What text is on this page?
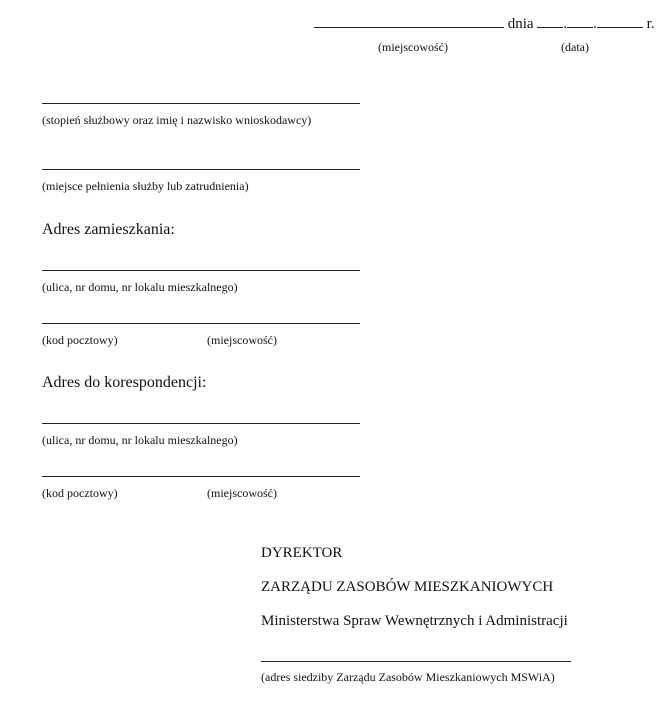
dnia . .	r.
(miejscowość)	(data)
(stopień służbowy oraz imię i nazwisko wnioskodawcy)
(miejsce pełnienia służby lub zatrudnienia)
Adres zamieszkania:
(ulica, nr domu, nr lokalu mieszkalnego)
(kod pocztowy)	(miejscowość)
Adres do korespondencji:
(ulica, nr domu, nr lokalu mieszkalnego)
(kod pocztowy)	(miejscowość)
DYREKTOR
ZARZĄDU ZASOBÓW MIESZKANIOWYCH
Ministerstwa Spraw Wewnętrznych i Administracji
(adres siedziby Zarządu Zasobów Mieszkaniowych MSWiA)
